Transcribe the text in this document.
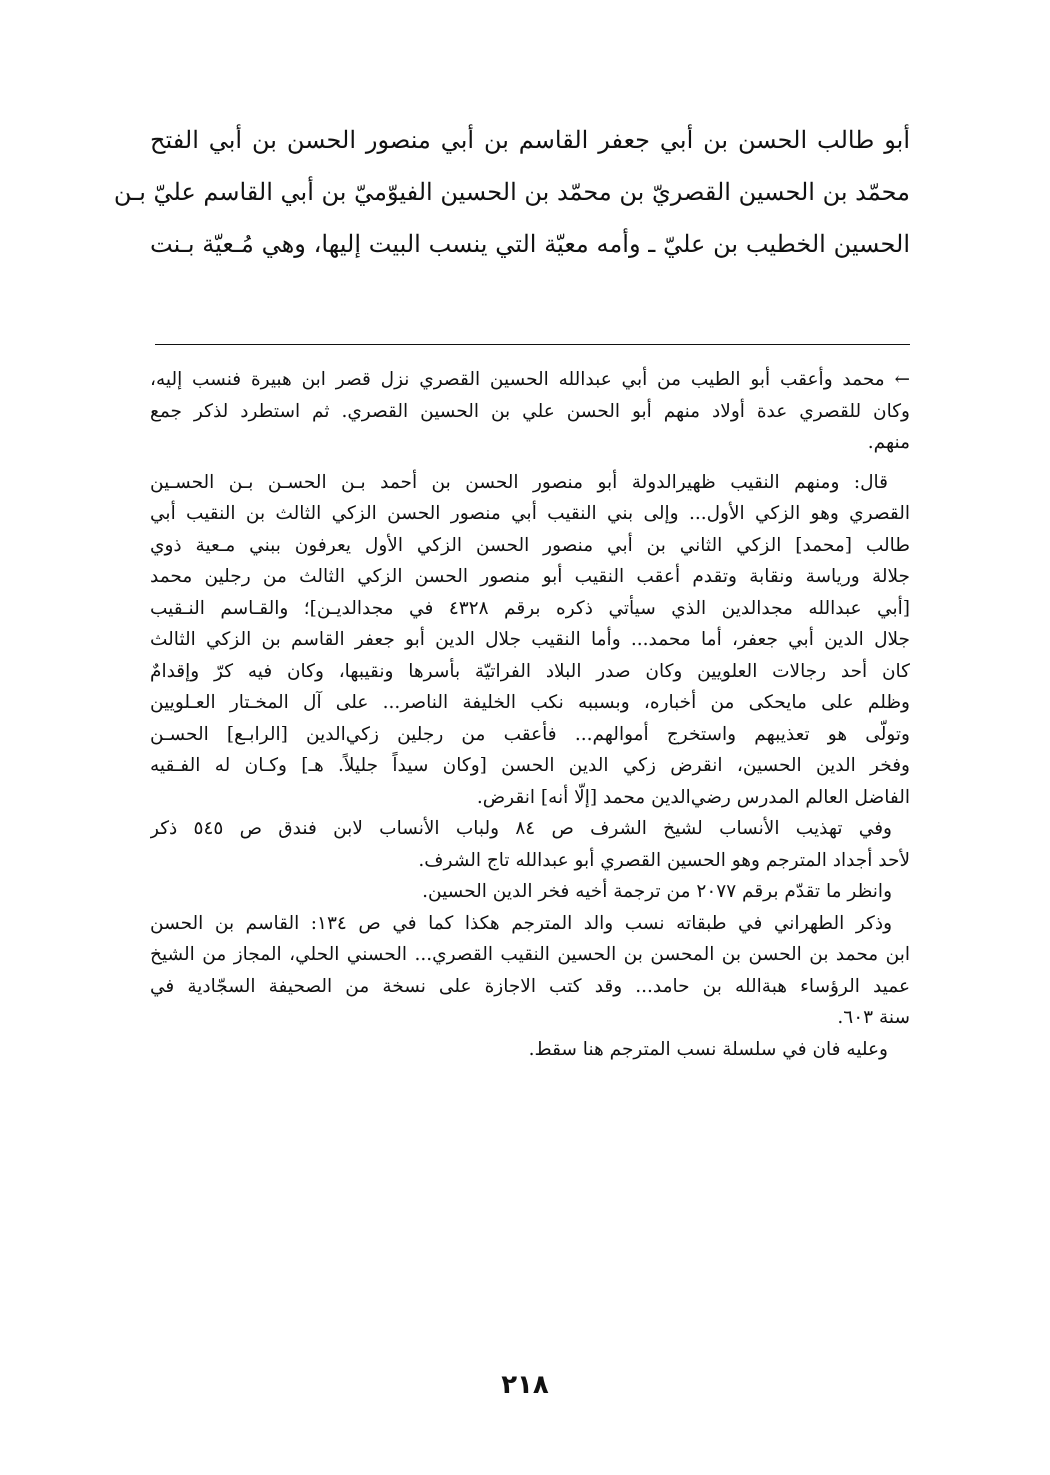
أبو طالب الحسن بن أبي جعفر القاسم بن أبي منصور الحسن بن أبي الفتح
محمّد بن الحسين القصريّ بن محمّد بن الحسين الفيوّميّ بن أبي القاسم عليّ بـن
الحسين الخطيب بن عليّ ـ وأمه معيّة التي ينسب البيت إليها، وهي مُـعيّة بـنت
← محمد وأعقب أبو الطيب من أبي عبدالله الحسين القصري نزل قصر ابن هبيرة فنسب إليه،
وكان للقصري عدة أولاد منهم أبو الحسن علي بن الحسين القصري. ثم استطرد لذكر جمع
منهم.
قال: ومنهم النقيب ظهيرالدولة أبو منصور الحسن بن أحمد بـن الحسـن بـن الحسـين
القصري وهو الزكي الأول... وإلى بني النقيب أبي منصور الحسن الزكي الثالث بن النقيب أبي
طالب [محمد] الزكي الثاني بن أبي منصور الحسن الزكي الأول يعرفون ببني مـعية ذوي
جلالة ورياسة ونقابة وتقدم أعقب النقيب أبو منصور الحسن الزكي الثالث من رجلين محمد
[أبي عبدالله مجدالدين الذي سيأتي ذكره برقم ٤٣٢٨ في مجدالديـن]؛ والقـاسم النـقيب
جلال الدين أبي جعفر، أما محمد... وأما النقيب جلال الدين أبو جعفر القاسم بن الزكي الثالث
كان أحد رجالات العلويين وكان صدر البلاد الفراتيّة بأسرها ونقيبها، وكان فيه كرّ وإقدامٌ
وظلم على مايحكى من أخباره، وبسببه نكب الخليفة الناصر... على آل المخـتار العـلويين
وتولّى هو تعذيبهم واستخرج أموالهم... فأعقب من رجلين زكي‌الدين [الرابـع] الحسـن
وفخر الدين الحسين، انقرض زكي الدين الحسن [وكان سيداً جليلاً. هـ] وكـان له الفـقيه
الفاضل العالم المدرس رضي‌الدين محمد [إلّا أنه] انقرض.
وفي تهذيب الأنساب لشيخ الشرف ص ٨٤ ولباب الأنساب لابن فندق ص ٥٤٥ ذكر
لأحد أجداد المترجم وهو الحسين القصري أبو عبدالله تاج الشرف.
وانظر ما تقدّم برقم ٢٠٧٧ من ترجمة أخيه فخر الدين الحسين.
وذكر الطهراني في طبقاته نسب والد المترجم هكذا كما في ص ١٣٤: القاسم بن الحسن
ابن محمد بن الحسن بن المحسن بن الحسين النقيب القصري... الحسني الحلي، المجاز من الشيخ
عميد الرؤساء هبة‌الله بن حامد... وقد كتب الاجازة على نسخة من الصحيفة السجّادية في
سنة ٦٠٣.
وعليه فان في سلسلة نسب المترجم هنا سقط.
٢١٨
